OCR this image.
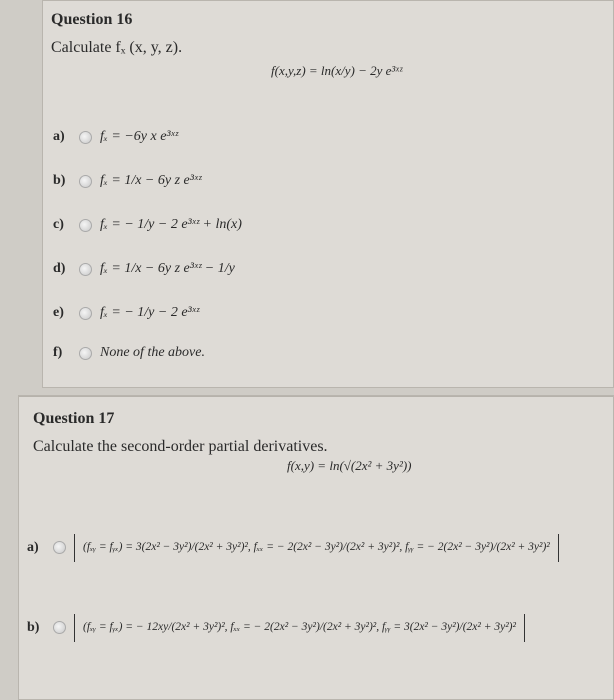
Question 16
Calculate fₓ (x, y, z).
f(x,y,z) = ln(x/y) − 2y e³ˣᶻ
a)	fₓ = −6y x e³ˣᶻ
b)	fₓ = 1/x − 6y z e³ˣᶻ
c)	fₓ = − 1/y − 2 e³ˣᶻ + ln(x)
d)	fₓ = 1/x − 6y z e³ˣᶻ − 1/y
e)	fₓ = − 1/y − 2 e³ˣᶻ
f)	None of the above.
Question 17
Calculate the second-order partial derivatives.
f(x,y) = ln(√(2x² + 3y²))
a)	(fₓᵧ = fᵧₓ) = 3(2x² − 3y²)/(2x² + 3y²)², fₓₓ = − 2(2x² − 3y²)/(2x² + 3y²)², fᵧᵧ = − 2(2x² − 3y²)/(2x² + 3y²)²
b)	(fₓᵧ = fᵧₓ) = − 12xy/(2x² + 3y²)², fₓₓ = − 2(2x² − 3y²)/(2x² + 3y²)², fᵧᵧ = 3(2x² − 3y²)/(2x² + 3y²)²
